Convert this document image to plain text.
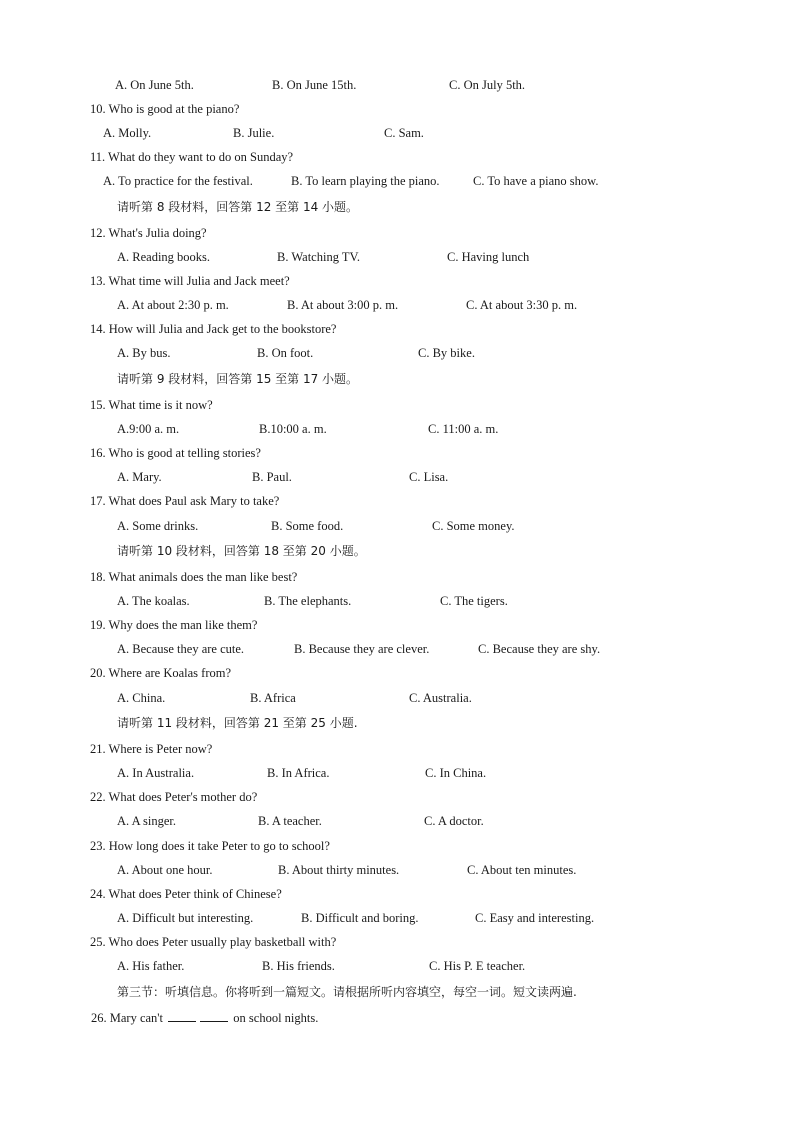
A. On June 5th.	B. On June 15th.	C. On July 5th.
10. Who is good at the piano?
A. Molly.	B. Julie.	C. Sam.
11. What do they want to do on Sunday?
A. To practice for the festival.	B. To learn playing the piano.	C. To have a piano show.
请听第 8 段材料，回答第 12 至第 14 小题。
12. What's Julia doing?
A. Reading books.	B. Watching TV.	C. Having lunch
13. What time will Julia and Jack meet?
A. At about 2:30 p. m.	B. At about 3:00 p. m.	C. At about 3:30 p. m.
14. How will Julia and Jack get to the bookstore?
A. By bus.	B. On foot.	C. By bike.
请听第 9 段材料，回答第 15 至第 17 小题。
15. What time is it now?
A.9:00 a. m.	B.10:00 a. m.	C. 11:00 a. m.
16. Who is good at telling stories?
A. Mary.	B. Paul.	C. Lisa.
17. What does Paul ask Mary to take?
A. Some drinks.	B. Some food.	C. Some money.
请听第 10 段材料，回答第 18 至第 20 小题。
18. What animals does the man like best?
A. The koalas.	B. The elephants.	C. The tigers.
19. Why does the man like them?
A. Because they are cute.	B. Because they are clever.	C. Because they are shy.
20. Where are Koalas from?
A. China.	B. Africa	C. Australia.
请听第 11 段材料，回答第 21 至第 25 小题.
21. Where is Peter now?
A. In Australia.	B. In Africa.	C. In China.
22. What does Peter's mother do?
A. A singer.	B. A teacher.	C. A doctor.
23. How long does it take Peter to go to school?
A. About one hour.	B. About thirty minutes.	C. About ten minutes.
24. What does Peter think of Chinese?
A. Difficult but interesting.	B. Difficult and boring.	C. Easy and interesting.
25. Who does Peter usually play basketball with?
A. His father.	B. His friends.	C. His P. E teacher.
第三节：听填信息。你将听到一篇短文。请根据所听内容填空，每空一词。短文读两遍.
26. Mary can't	on school nights.
